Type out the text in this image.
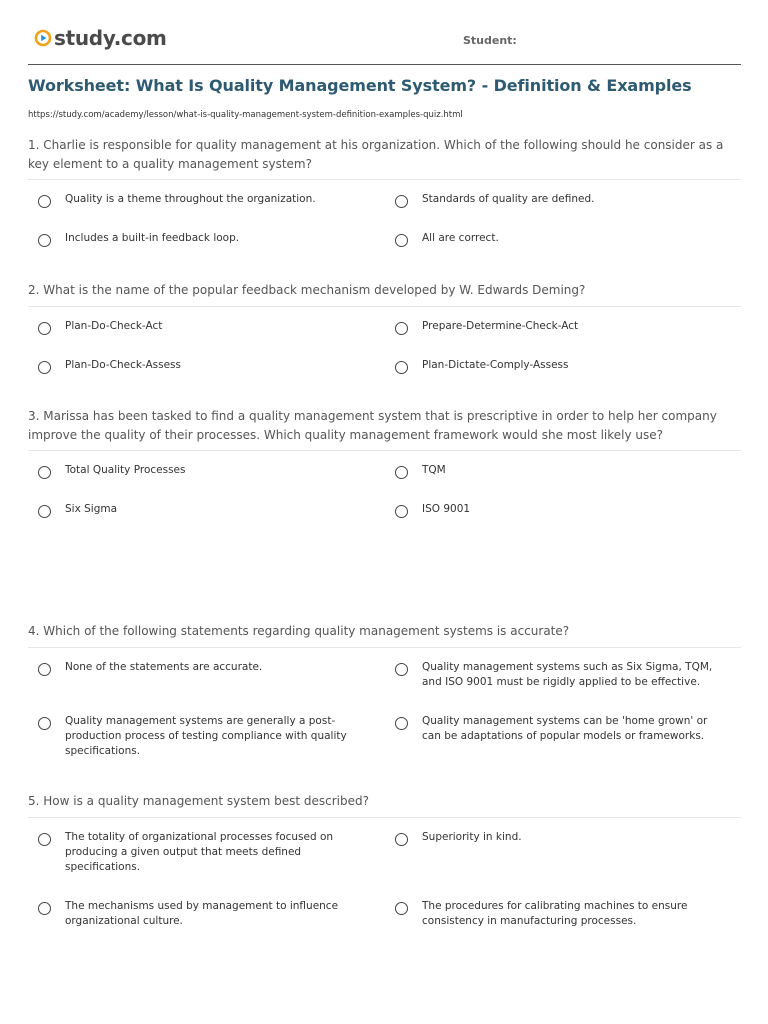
study.com	Student:
Worksheet: What Is Quality Management System? - Definition & Examples
https://study.com/academy/lesson/what-is-quality-management-system-definition-examples-quiz.html
1. Charlie is responsible for quality management at his organization. Which of the following should he consider as a key element to a quality management system?
Quality is a theme throughout the organization.	Standards of quality are defined.
Includes a built-in feedback loop.	All are correct.
2. What is the name of the popular feedback mechanism developed by W. Edwards Deming?
Plan-Do-Check-Act	Prepare-Determine-Check-Act
Plan-Do-Check-Assess	Plan-Dictate-Comply-Assess
3. Marissa has been tasked to find a quality management system that is prescriptive in order to help her company improve the quality of their processes. Which quality management framework would she most likely use?
Total Quality Processes	TQM
Six Sigma	ISO 9001
4. Which of the following statements regarding quality management systems is accurate?
None of the statements are accurate.	Quality management systems such as Six Sigma, TQM, and ISO 9001 must be rigidly applied to be effective.
Quality management systems are generally a post-production process of testing compliance with quality specifications.
Quality management systems can be 'home grown' or can be adaptations of popular models or frameworks.
5. How is a quality management system best described?
The totality of organizational processes focused on producing a given output that meets defined specifications.
Superiority in kind.
The mechanisms used by management to influence organizational culture.
The procedures for calibrating machines to ensure consistency in manufacturing processes.
